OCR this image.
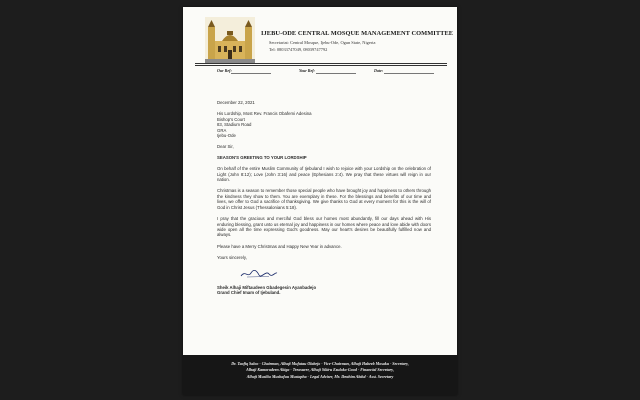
IJEBU-ODE CENTRAL MOSQUE MANAGEMENT COMMITTEE
Secretariat: Central Mosque, Ijebu-Ode, Ogun State, Nigeria
Tel: 08033747049, 08039747792
Our Ref:	Your Ref:	Date:
December 22, 2021
His Lordship, Most Rev. Francis Obafemi Adesina
Bishop's Court
83, Stadium Road
GRA
Ijebu-Ode
Dear Sir,
SEASON'S GREETING TO YOUR LORDSHIP
On behalf of the entire Muslim Community of Ijebuland I wish to rejoice with your Lordship on the celebration of Light (John 8:12); Love (John 3:16) and peace (Ephesians 2:4). We pray that these virtues will reign in our nation.
Christmas is a season to remember those special people who have brought joy and happiness to others through the kindness they show to them. You are exemplary in these. For the blessings and benefits of our time and lives, we offer to God a sacrifice of thanksgiving. We give thanks to God at every moment for this is the will of God in Christ Jesus (Thessalonians 5:18).
I pray that the gracious and merciful God bless our homes most abundantly, fill our days ahead with His enduring blessing, grant unto us eternal joy and happiness in our homes where peace and love abide with doors wide open all the time expressing God's goodness. May our heart's desires be beautifully fulfilled now and always.
Please have a Merry Christmas and Happy New Year in advance.
Yours sincerely,
Sheik Alhaji Miftaudeen Gbadegesin Ayanbadejo
Grand Chief Imam of Ijebuland.
Dr. Taofiq Saloo - Chairman, Alhaji Mufutau Olabejo - Vice-Chairman, Alhaji Habeeb Mosaku - Secretary,
Alhaji Kamorudeen Akiga - Treasurer, Alhaji Sikiru Ezuloko-Good - Financial Secretary,
Alhaji Musiliu Mushafau Mustapha - Legal Adviser, Mr. Ibrahim Abdul - Asst. Secretary
